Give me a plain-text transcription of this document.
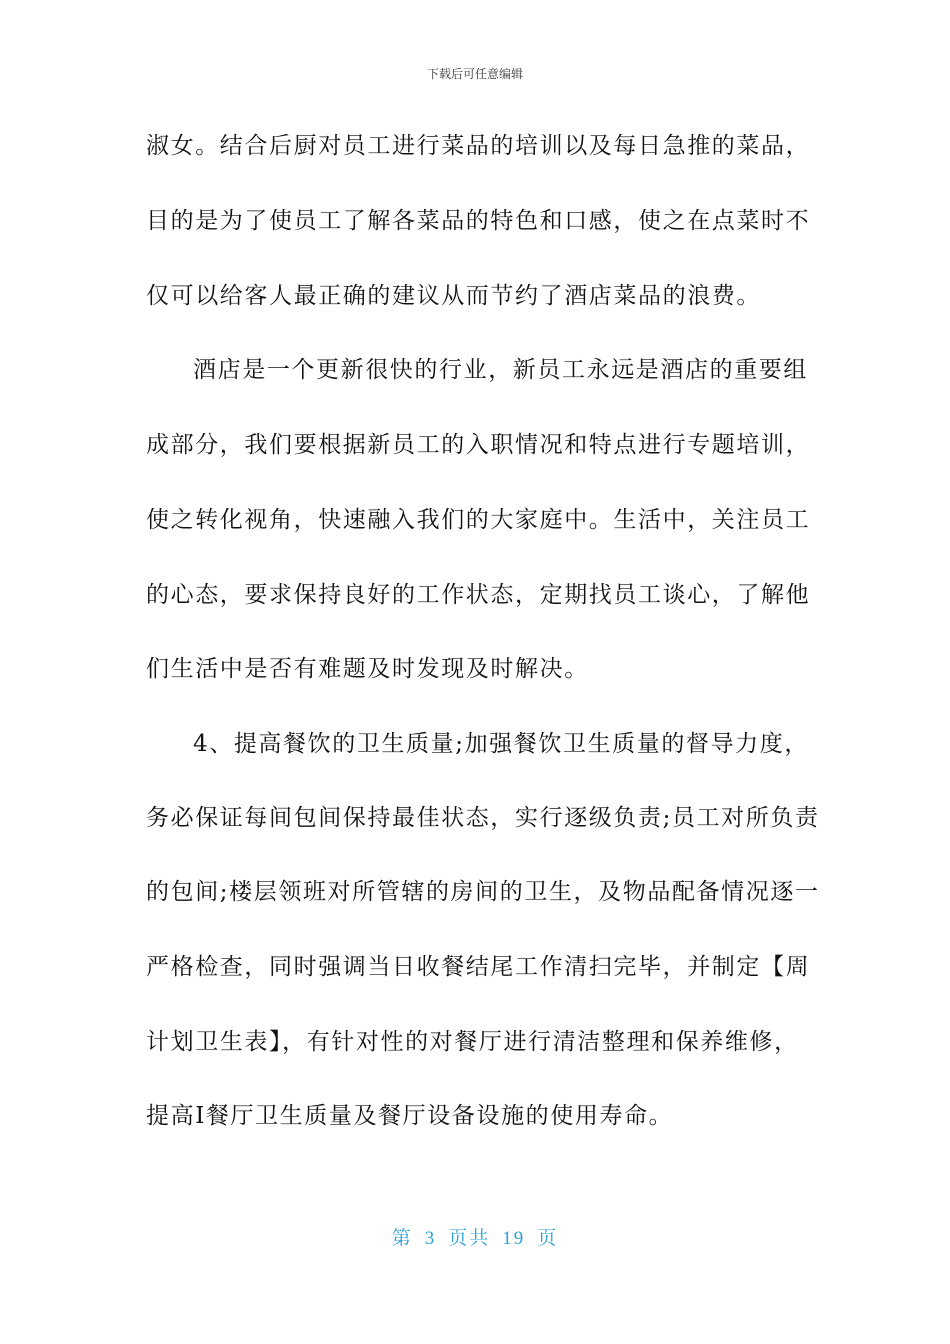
下载后可任意编辑
淑女。结合后厨对员工进行菜品的培训以及每日急推的菜品，
目的是为了使员工了解各菜品的特色和口感，使之在点菜时不
仅可以给客人最正确的建议从而节约了酒店菜品的浪费。
酒店是一个更新很快的行业，新员工永远是酒店的重要组
成部分，我们要根据新员工的入职情况和特点进行专题培训，
使之转化视角，快速融入我们的大家庭中。生活中，关注员工
的心态，要求保持良好的工作状态，定期找员工谈心，了解他
们生活中是否有难题及时发现及时解决。
4、提高餐饮的卫生质量;加强餐饮卫生质量的督导力度，
务必保证每间包间保持最佳状态，实行逐级负责;员工对所负责
的包间;楼层领班对所管辖的房间的卫生，及物品配备情况逐一
严格检查，同时强调当日收餐结尾工作清扫完毕，并制定【周
计划卫生表】，有针对性的对餐厅进行清洁整理和保养维修，
提高Ⅰ餐厅卫生质量及餐厅设备设施的使用寿命。
第 3 页共 19 页
